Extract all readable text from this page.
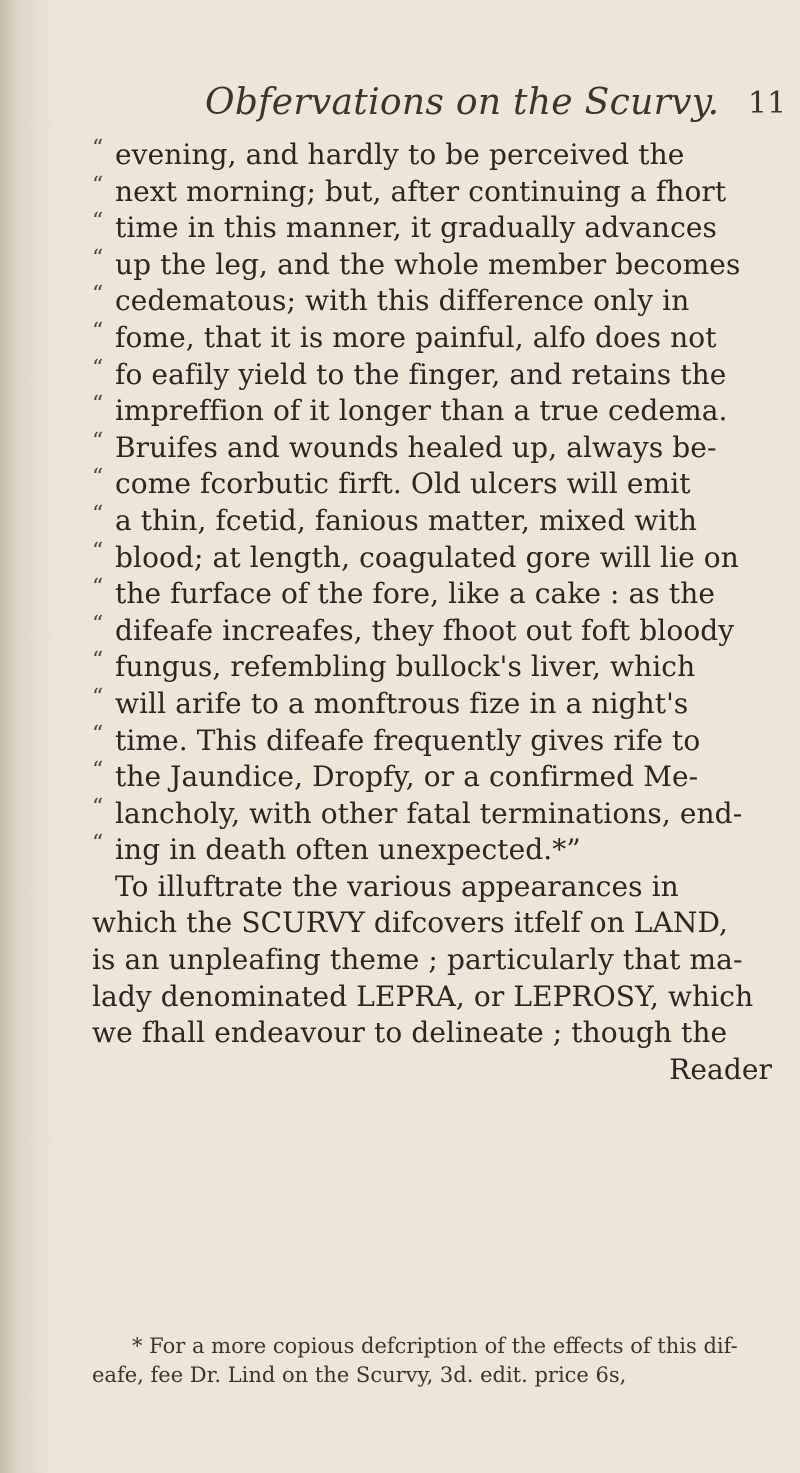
Obfervations on the Scurvy. 11
“ evening, and hardly to be perceived the
“ next morning; but, after continuing a fhort
“ time in this manner, it gradually advances
“ up the leg, and the whole member becomes
“ cedematous; with this difference only in
“ fome, that it is more painful, alfo does not
“ fo eafily yield to the finger, and retains the
“ impreffion of it longer than a true cedema.
“ Bruifes and wounds healed up, always be-
“ come fcorbutic firft. Old ulcers will emit
“ a thin, fcetid, fanious matter, mixed with
“ blood; at length, coagulated gore will lie on
“ the furface of the fore, like a cake : as the
“ difeafe increafes, they fhoot out foft bloody
“ fungus, refembling bullock's liver, which
“ will arife to a monftrous fize in a night's
“ time. This difeafe frequently gives rife to
“ the Jaundice, Dropfy, or a confirmed Me-
“ lancholy, with other fatal terminations, end-
“ ing in death often unexpected.*”
To illuftrate the various appearances in
which the SCURVY difcovers itfelf on LAND,
is an unpleafing theme ; particularly that ma-
lady denominated LEPRA, or LEPROSY, which
we fhall endeavour to delineate ; though the
Reader
* For a more copious defcription of the effects of this dif-
eafe, fee Dr. Lind on the Scurvy, 3d. edit. price 6s,
